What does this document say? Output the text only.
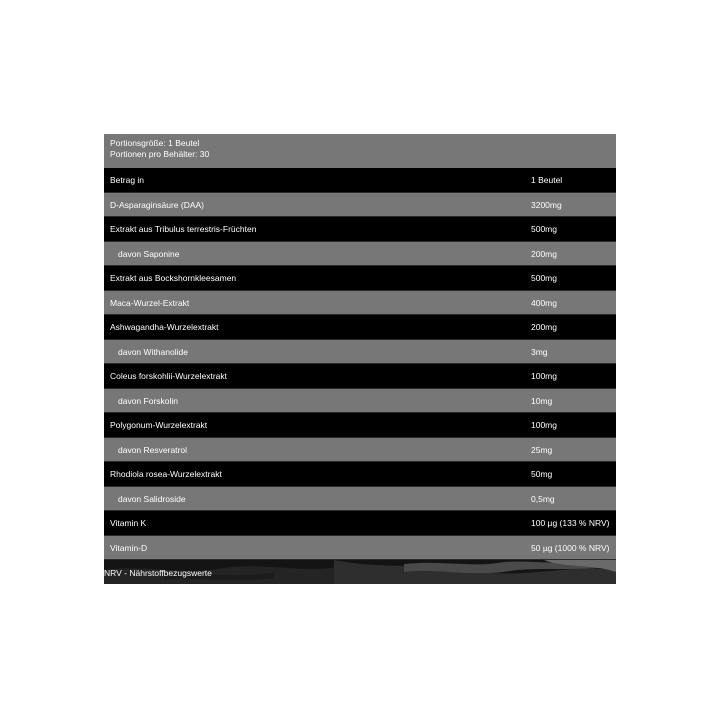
Portionsgröße: 1 Beutel
Portionen pro Behälter: 30
Betrag in	1 Beutel
D-Asparaginsäure (DAA)	3200mg
Extrakt aus Tribulus terrestris-Früchten	500mg
davon Saponine	200mg
Extrakt aus Bockshornkleesamen	500mg
Maca-Wurzel-Extrakt	400mg
Ashwagandha-Wurzelextrakt	200mg
davon Withanolide	3mg
Coleus forskohlii-Wurzelextrakt	100mg
davon Forskolin	10mg
Polygonum-Wurzelextrakt	100mg
davon Resveratrol	25mg
Rhodiola rosea-Wurzelextrakt	50mg
davon Salidroside	0,5mg
Vitamin K	100 µg (133 % NRV)
Vitamin-D	50 µg (1000 % NRV)
NRV - Nährstoffbezugswerte
